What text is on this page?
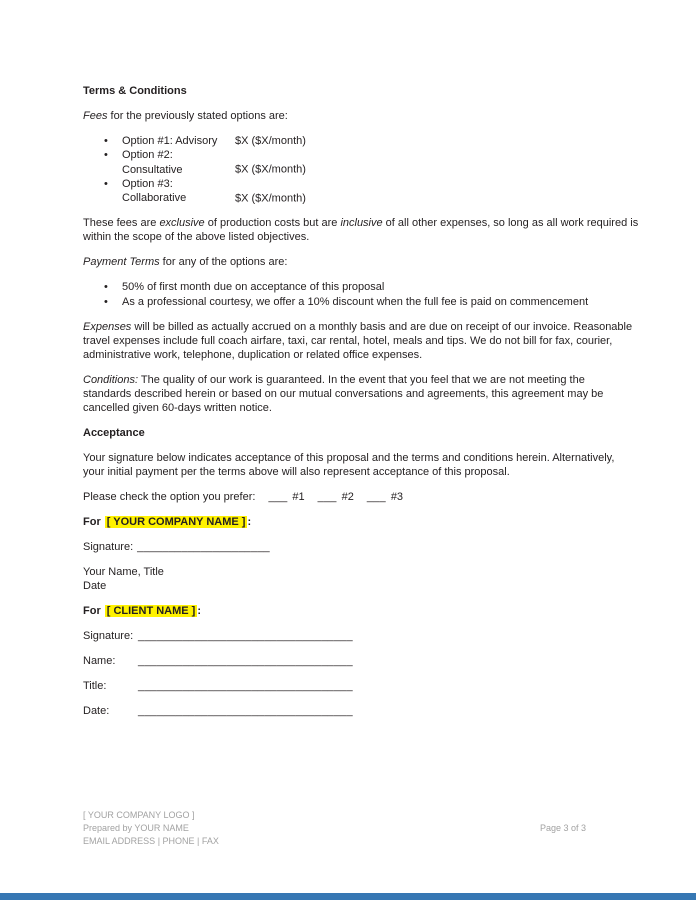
Terms & Conditions
Fees for the previously stated options are:
• Option #1: Advisory $X ($X/month)
• Option #2: Consultative	$X ($X/month)
• Option #3: Collaborative	$X ($X/month)
These fees are exclusive of production costs but are inclusive of all other expenses, so long as all work required is
within the scope of the above listed objectives.
Payment Terms for any of the options are:
• 50% of first month due on acceptance of this proposal
• As a professional courtesy, we offer a 10% discount when the full fee is paid on commencement
Expenses will be billed as actually accrued on a monthly basis and are due on receipt of our invoice. Reasonable
travel expenses include full coach airfare, taxi, car rental, hotel, meals and tips. We do not bill for fax, courier,
administrative work, telephone, duplication or related office expenses.
Conditions: The quality of our work is guaranteed. In the event that you feel that we are not meeting the
standards described herein or based on our mutual conversations and agreements, this agreement may be
cancelled given 60-days written notice.
Acceptance
Your signature below indicates acceptance of this proposal and the terms and conditions herein. Alternatively,
your initial payment per the terms above will also represent acceptance of this proposal.
Please check the option you prefer: ___ #1 ___ #2 ___ #3
For [ YOUR COMPANY NAME ] :
Signature: _____________________
Your Name, Title
Date
For [ CLIENT NAME ] :
Signature: __________________________________
Name:	__________________________________
Title:	__________________________________
Date:	__________________________________
[ YOUR COMPANY LOGO ]
Prepared by YOUR NAME
EMAIL ADDRESS | PHONE | FAX
Page 3 of 3
